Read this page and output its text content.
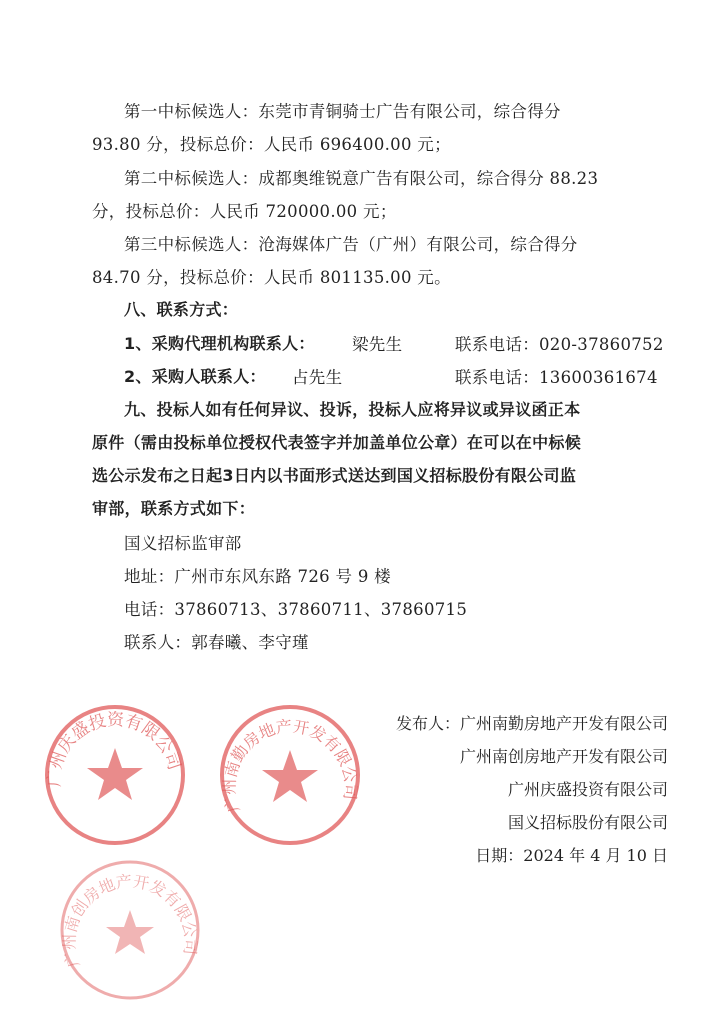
广州庆盛投资有限公司
广州南勤房地产开发有限公司
广州南创房地产开发有限公司
第一中标候选人：东莞市青铜骑士广告有限公司，综合得分
93.80 分，投标总价：人民币 696400.00 元；
第二中标候选人：成都奥维锐意广告有限公司，综合得分 88.23
分，投标总价：人民币 720000.00 元；
第三中标候选人：沧海媒体广告（广州）有限公司，综合得分
84.70 分，投标总价：人民币 801135.00 元。
八、联系方式：
1、采购代理机构联系人： 梁先生	联系电话：020-37860752
2、采购人联系人： 占先生	联系电话：13600361674
九、投标人如有任何异议、投诉，投标人应将异议或异议函正本
原件（需由投标单位授权代表签字并加盖单位公章）在可以在中标候
选公示发布之日起3日内以书面形式送达到国义招标股份有限公司监
审部，联系方式如下：
国义招标监审部
地址：广州市东风东路 726 号 9 楼
电话：37860713、37860711、37860715
联系人：郭春曦、李守瑾
发布人：广州南勤房地产开发有限公司
广州南创房地产开发有限公司
广州庆盛投资有限公司
国义招标股份有限公司
日期：2024 年 4 月 10 日
